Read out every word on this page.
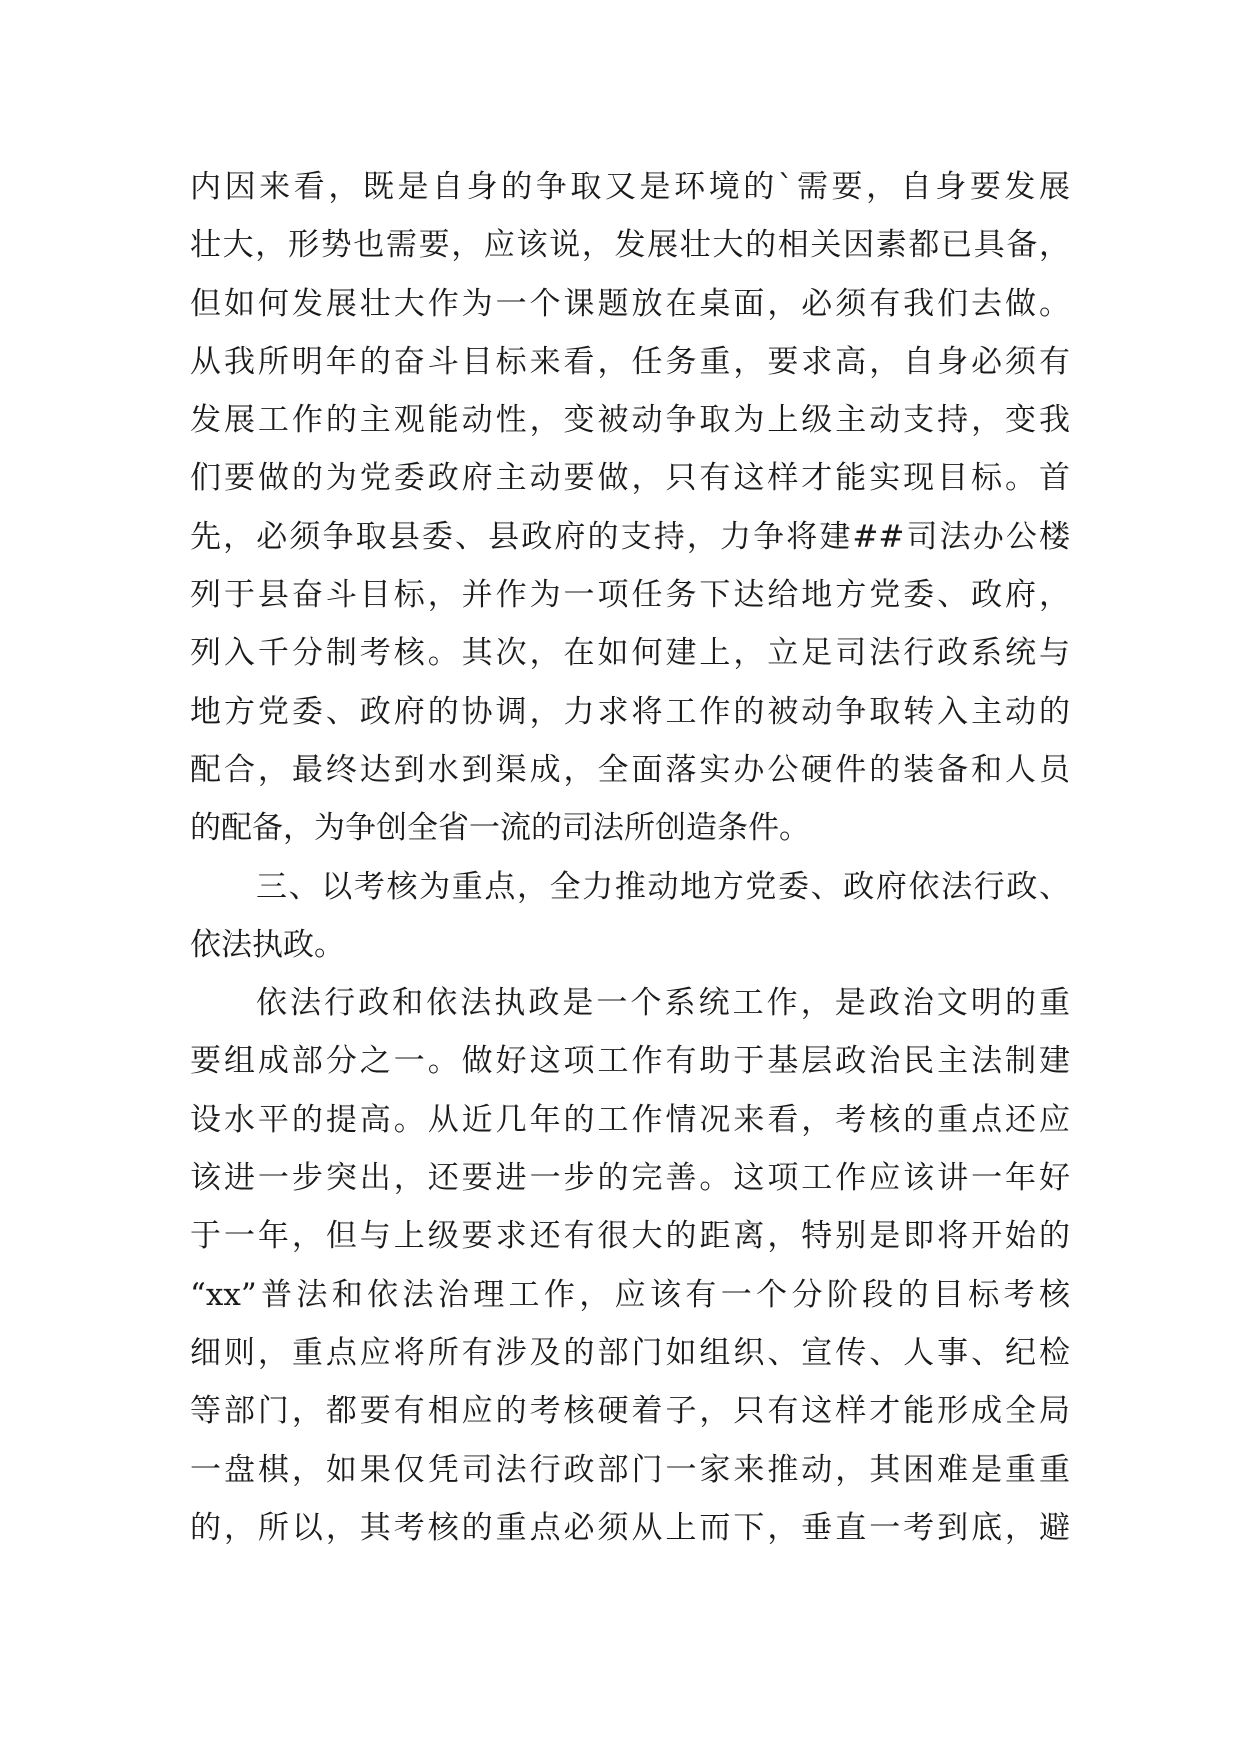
内因来看，既是自身的争取又是环境的`需要，自身要发展
壮大，形势也需要，应该说，发展壮大的相关因素都已具备，
但如何发展壮大作为一个课题放在桌面，必须有我们去做。
从我所明年的奋斗目标来看，任务重，要求高，自身必须有
发展工作的主观能动性，变被动争取为上级主动支持，变我
们要做的为党委政府主动要做，只有这样才能实现目标。首
先，必须争取县委、县政府的支持，力争将建##司法办公楼
列于县奋斗目标，并作为一项任务下达给地方党委、政府，
列入千分制考核。其次，在如何建上，立足司法行政系统与
地方党委、政府的协调，力求将工作的被动争取转入主动的
配合，最终达到水到渠成，全面落实办公硬件的装备和人员
的配备，为争创全省一流的司法所创造条件。
三、以考核为重点，全力推动地方党委、政府依法行政、
依法执政。
依法行政和依法执政是一个系统工作，是政治文明的重
要组成部分之一。做好这项工作有助于基层政治民主法制建
设水平的提高。从近几年的工作情况来看，考核的重点还应
该进一步突出，还要进一步的完善。这项工作应该讲一年好
于一年，但与上级要求还有很大的距离，特别是即将开始的
“xx”普法和依法治理工作，应该有一个分阶段的目标考核
细则，重点应将所有涉及的部门如组织、宣传、人事、纪检
等部门，都要有相应的考核硬着子，只有这样才能形成全局
一盘棋，如果仅凭司法行政部门一家来推动，其困难是重重
的，所以，其考核的重点必须从上而下，垂直一考到底，避
